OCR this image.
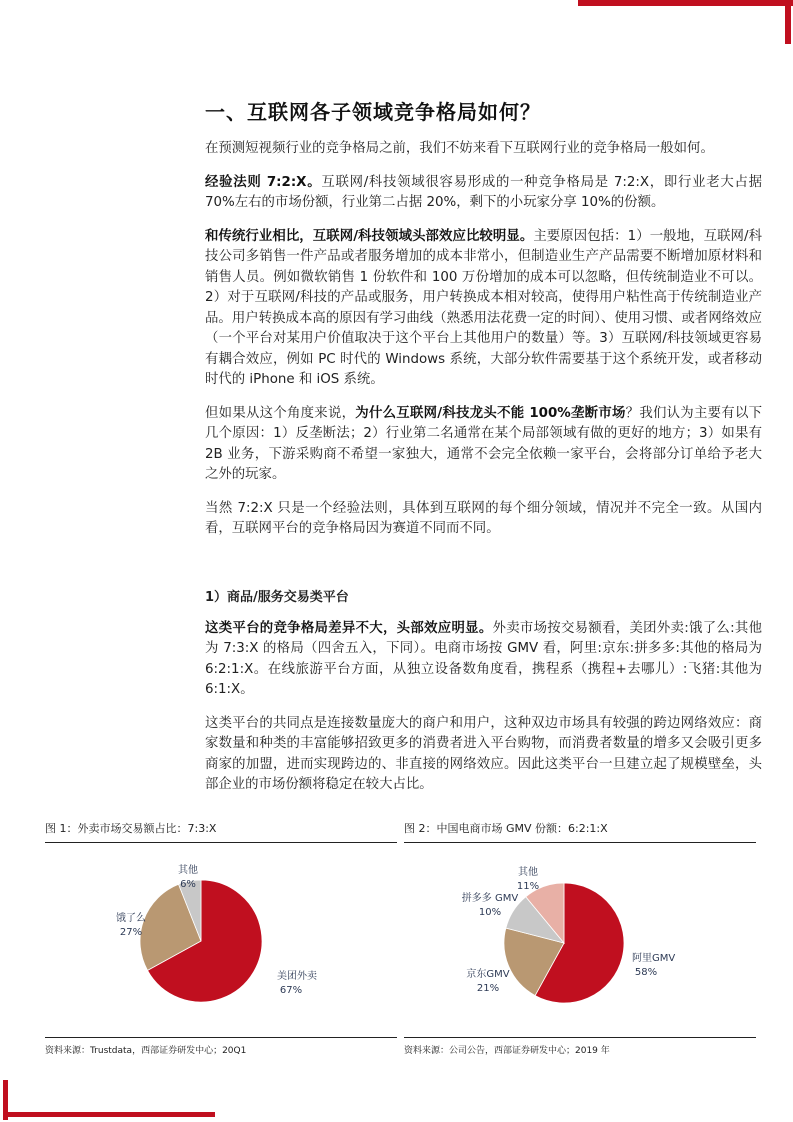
一、互联网各子领域竞争格局如何？

在预测短视频行业的竞争格局之前，我们不妨来看下互联网行业的竞争格局一般如何。

经验法则 7:2:X。互联网/科技领域很容易形成的一种竞争格局是 7:2:X，即行业老大占据70%左右的市场份额，行业第二占据 20%，剩下的小玩家分享 10%的份额。

和传统行业相比，互联网/科技领域头部效应比较明显。主要原因包括：1）一般地，互联网/科技公司多销售一件产品或者服务增加的成本非常小，但制造业生产产品需要不断增加原材料和销售人员。例如微软销售 1 份软件和 100 万份增加的成本可以忽略，但传统制造业不可以。2）对于互联网/科技的产品或服务，用户转换成本相对较高，使得用户粘性高于传统制造业产品。用户转换成本高的原因有学习曲线（熟悉用法花费一定的时间）、使用习惯、或者网络效应（一个平台对某用户价值取决于这个平台上其他用户的数量）等。3）互联网/科技领域更容易有耦合效应，例如 PC 时代的 Windows 系统，大部分软件需要基于这个系统开发，或者移动时代的 iPhone 和 iOS 系统。

但如果从这个角度来说，为什么互联网/科技龙头不能 100%垄断市场？我们认为主要有以下几个原因：1）反垄断法；2）行业第二名通常在某个局部领域有做的更好的地方；3）如果有 2B 业务，下游采购商不希望一家独大，通常不会完全依赖一家平台，会将部分订单给予老大之外的玩家。

当然 7:2:X 只是一个经验法则，具体到互联网的每个细分领域，情况并不完全一致。从国内看，互联网平台的竞争格局因为赛道不同而不同。

1）商品/服务交易类平台

这类平台的竞争格局差异不大，头部效应明显。外卖市场按交易额看，美团外卖:饿了么:其他为 7:3:X 的格局（四舍五入，下同）。电商市场按 GMV 看，阿里:京东:拼多多:其他的格局为 6:2:1:X。在线旅游平台方面，从独立设备数角度看，携程系（携程+去哪儿）:飞猪:其他为 6:1:X。

这类平台的共同点是连接数量庞大的商户和用户，这种双边市场具有较强的跨边网络效应：商家数量和种类的丰富能够招致更多的消费者进入平台购物，而消费者数量的增多又会吸引更多商家的加盟，进而实现跨边的、非直接的网络效应。因此这类平台一旦建立起了规模壁垒，头部企业的市场份额将稳定在较大占比。

图 1：外卖市场交易额占比：7:3:X
美团外卖
67%
饿了么
27%
其他
6%
资料来源：Trustdata，西部证券研发中心；20Q1
图 2：中国电商市场 GMV 份额：6:2:1:X
阿里GMV
58%
京东GMV
21%
拼多多 GMV
10%
其他
11%
资料来源：公司公告，西部证券研发中心；2019 年
